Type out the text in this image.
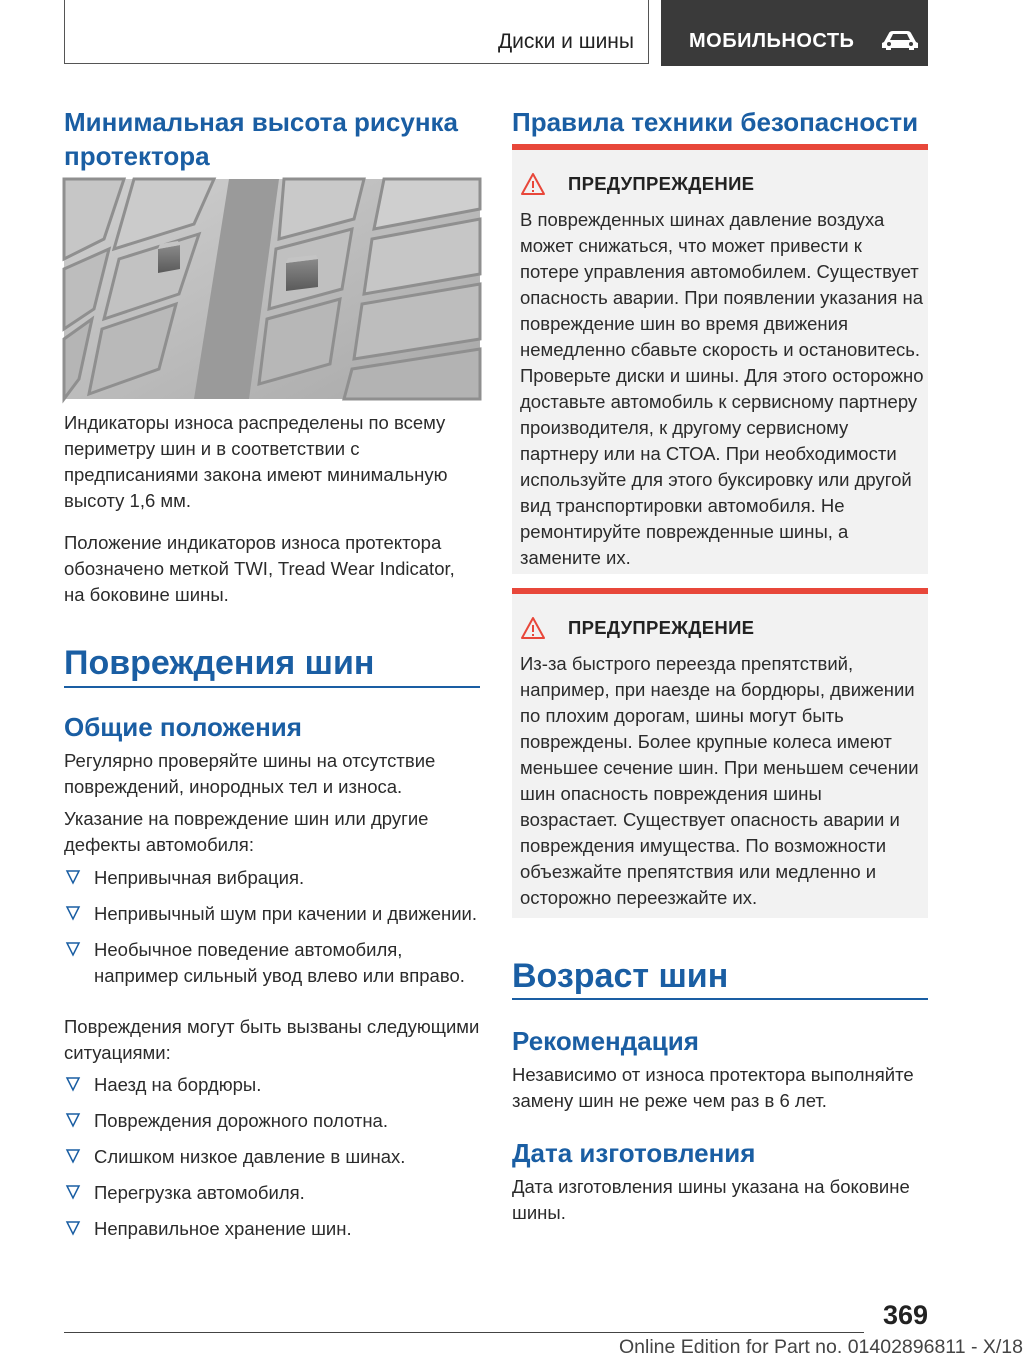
Диски и шины	МОБИЛЬНОСТЬ
Минимальная высота рисунка протектора
Индикаторы износа распределены по всему периметру шин и в соответствии с предписаниями закона имеют минимальную высоту 1,6 мм.
Положение индикаторов износа протектора обозначено меткой TWI, Tread Wear Indicator, на боковине шины.
Повреждения шин
Общие положения
Регулярно проверяйте шины на отсутствие повреждений, инородных тел и износа.
Указание на повреждение шин или другие дефекты автомобиля:
Непривычная вибрация.
Непривычный шум при качении и движении.
Необычное поведение автомобиля, например сильный увод влево или вправо.
Повреждения могут быть вызваны следующими ситуациями:
Наезд на бордюры.
Повреждения дорожного полотна.
Слишком низкое давление в шинах.
Перегрузка автомобиля.
Неправильное хранение шин.
Правила техники безопасности
ПРЕДУПРЕЖДЕНИЕ
В поврежденных шинах давление воздуха может снижаться, что может привести к потере управления автомобилем. Существует опасность аварии. При появлении указания на повреждение шин во время движения немедленно сбавьте скорость и остановитесь. Проверьте диски и шины. Для этого осторожно доставьте автомобиль к сервисному партнеру производителя, к другому сервисному партнеру или на СТОА. При необходимости используйте для этого буксировку или другой вид транспортировки автомобиля. Не ремонтируйте поврежденные шины, а замените их.
ПРЕДУПРЕЖДЕНИЕ
Из-за быстрого переезда препятствий, например, при наезде на бордюры, движении по плохим дорогам, шины могут быть повреждены. Более крупные колеса имеют меньшее сечение шин. При меньшем сечении шин опасность повреждения шины возрастает. Существует опасность аварии и повреждения имущества. По возможности объезжайте препятствия или медленно и осторожно переезжайте их.
Возраст шин
Рекомендация
Независимо от износа протектора выполняйте замену шин не реже чем раз в 6 лет.
Дата изготовления
Дата изготовления шины указана на боковине шины.
369
Online Edition for Part no. 01402896811 - X/18
